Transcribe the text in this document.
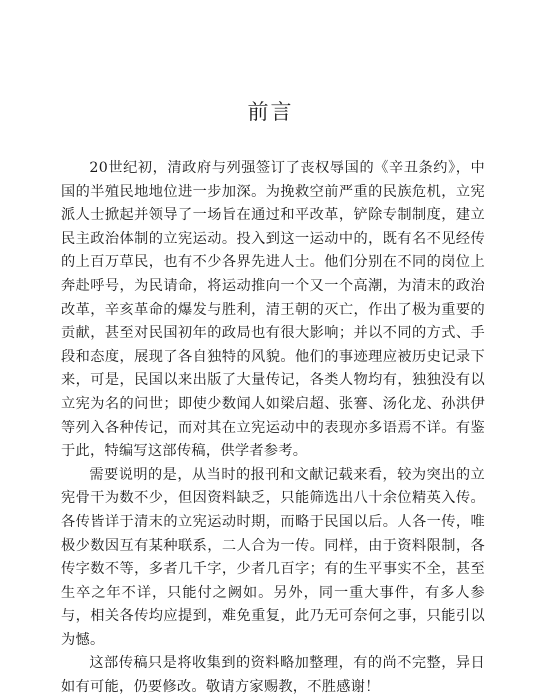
前言

20世纪初，清政府与列强签订了丧权辱国的《辛丑条约》，中国的半殖民地地位进一步加深。为挽救空前严重的民族危机，立宪派人士掀起并领导了一场旨在通过和平改革，铲除专制制度，建立民主政治体制的立宪运动。投入到这一运动中的，既有名不见经传的上百万草民，也有不少各界先进人士。他们分别在不同的岗位上奔赴呼号，为民请命，将运动推向一个又一个高潮，为清末的政治改革，辛亥革命的爆发与胜利，清王朝的灭亡，作出了极为重要的贡献，甚至对民国初年的政局也有很大影响；并以不同的方式、手段和态度，展现了各自独特的风貌。他们的事迹理应被历史记录下来，可是，民国以来出版了大量传记，各类人物均有，独独没有以立宪为名的问世；即使少数闻人如梁启超、张謇、汤化龙、孙洪伊等列入各种传记，而对其在立宪运动中的表现亦多语焉不详。有鉴于此，特编写这部传稿，供学者参考。

需要说明的是，从当时的报刊和文献记载来看，较为突出的立宪骨干为数不少，但因资料缺乏，只能筛选出八十余位精英入传。各传皆详于清末的立宪运动时期，而略于民国以后。人各一传，唯极少数因互有某种联系，二人合为一传。同样，由于资料限制，各传字数不等，多者几千字，少者几百字；有的生平事实不全，甚至生卒之年不详，只能付之阙如。另外，同一重大事件，有多人参与，相关各传均应提到，难免重复，此乃无可奈何之事，只能引以为憾。

这部传稿只是将收集到的资料略加整理，有的尚不完整，异日如有可能，仍要修改。敬请方家赐教，不胜感谢！
